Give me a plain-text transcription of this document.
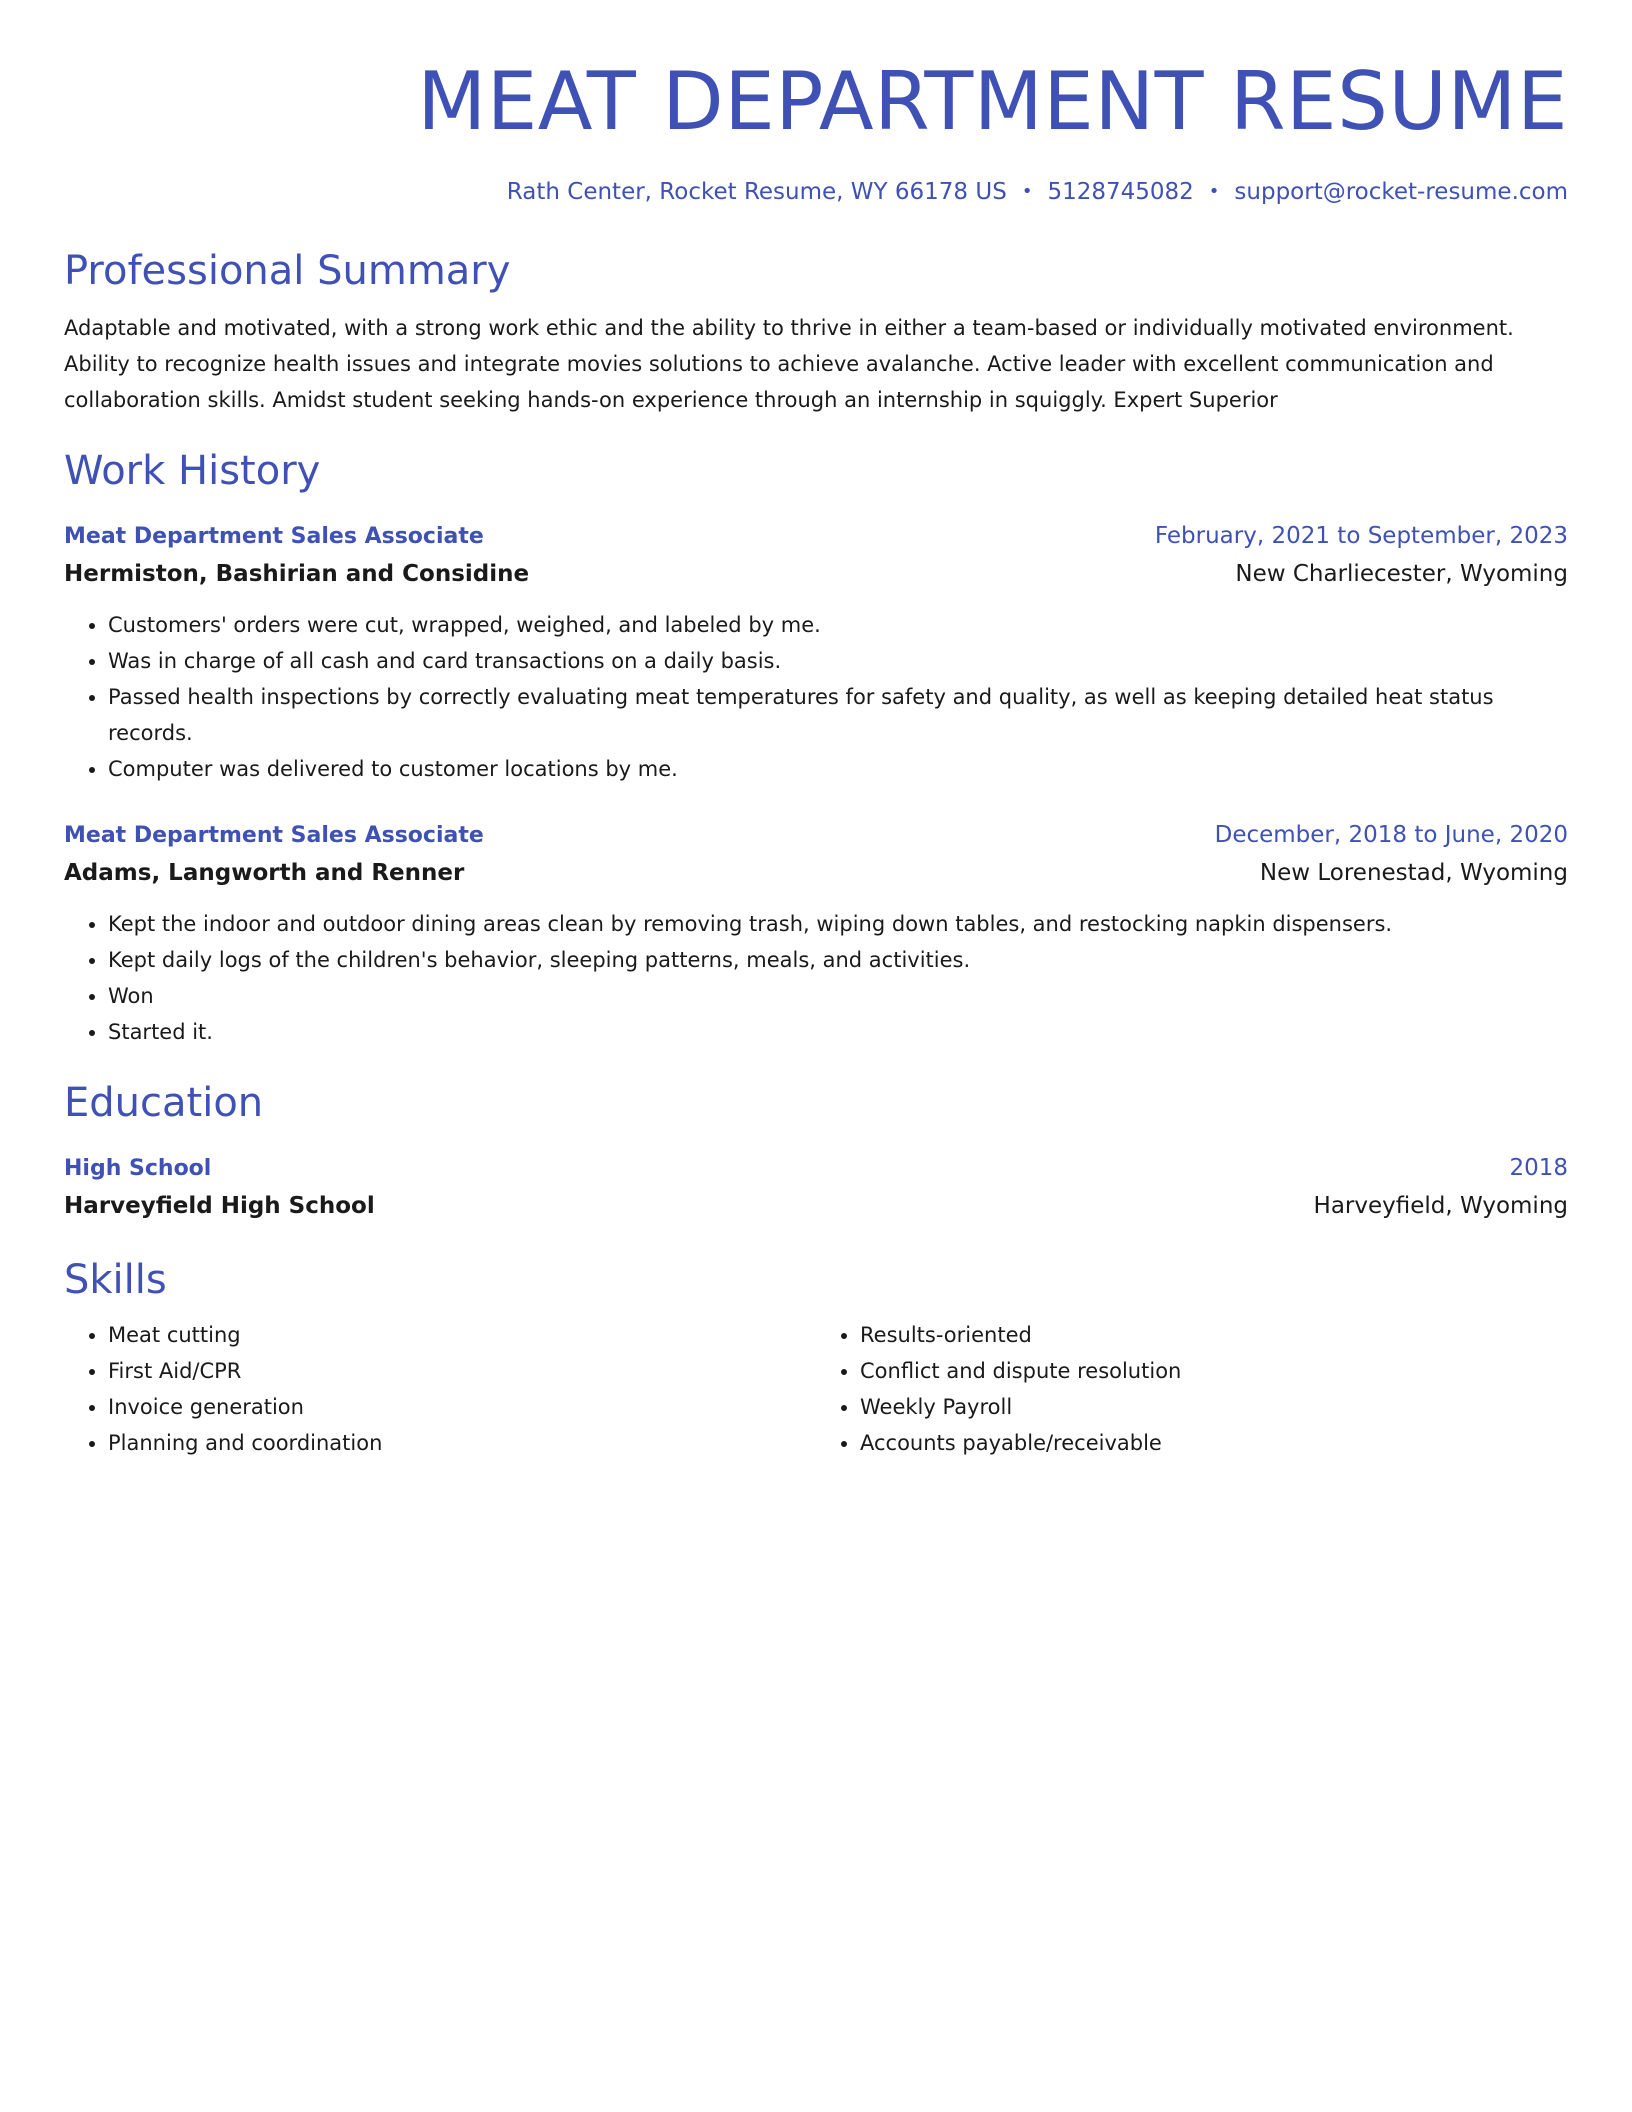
MEAT DEPARTMENT RESUME
Rath Center, Rocket Resume, WY 66178 US • 5128745082 • support@rocket-resume.com
Professional Summary

Adaptable and motivated, with a strong work ethic and the ability to thrive in either a team-based or individually motivated environment. Ability to recognize health issues and integrate movies solutions to achieve avalanche. Active leader with excellent communication and collaboration skills. Amidst student seeking hands-on experience through an internship in squiggly. Expert Superior

Work History
Meat Department Sales Associate	February, 2021 to September, 2023
Hermiston, Bashirian and Considine	New Charliecester, Wyoming
• Customers' orders were cut, wrapped, weighed, and labeled by me.
• Was in charge of all cash and card transactions on a daily basis.
• Passed health inspections by correctly evaluating meat temperatures for safety and quality, as well as keeping detailed heat status records.
• Computer was delivered to customer locations by me.
Meat Department Sales Associate	December, 2018 to June, 2020
Adams, Langworth and Renner	New Lorenestad, Wyoming
• Kept the indoor and outdoor dining areas clean by removing trash, wiping down tables, and restocking napkin dispensers.
• Kept daily logs of the children's behavior, sleeping patterns, meals, and activities.
• Won
• Started it.
Education
High School	2018
Harveyfield High School	Harveyfield, Wyoming
Skills
• Meat cutting
• First Aid/CPR
• Invoice generation
• Planning and coordination
• Results-oriented
• Conflict and dispute resolution
• Weekly Payroll
• Accounts payable/receivable
